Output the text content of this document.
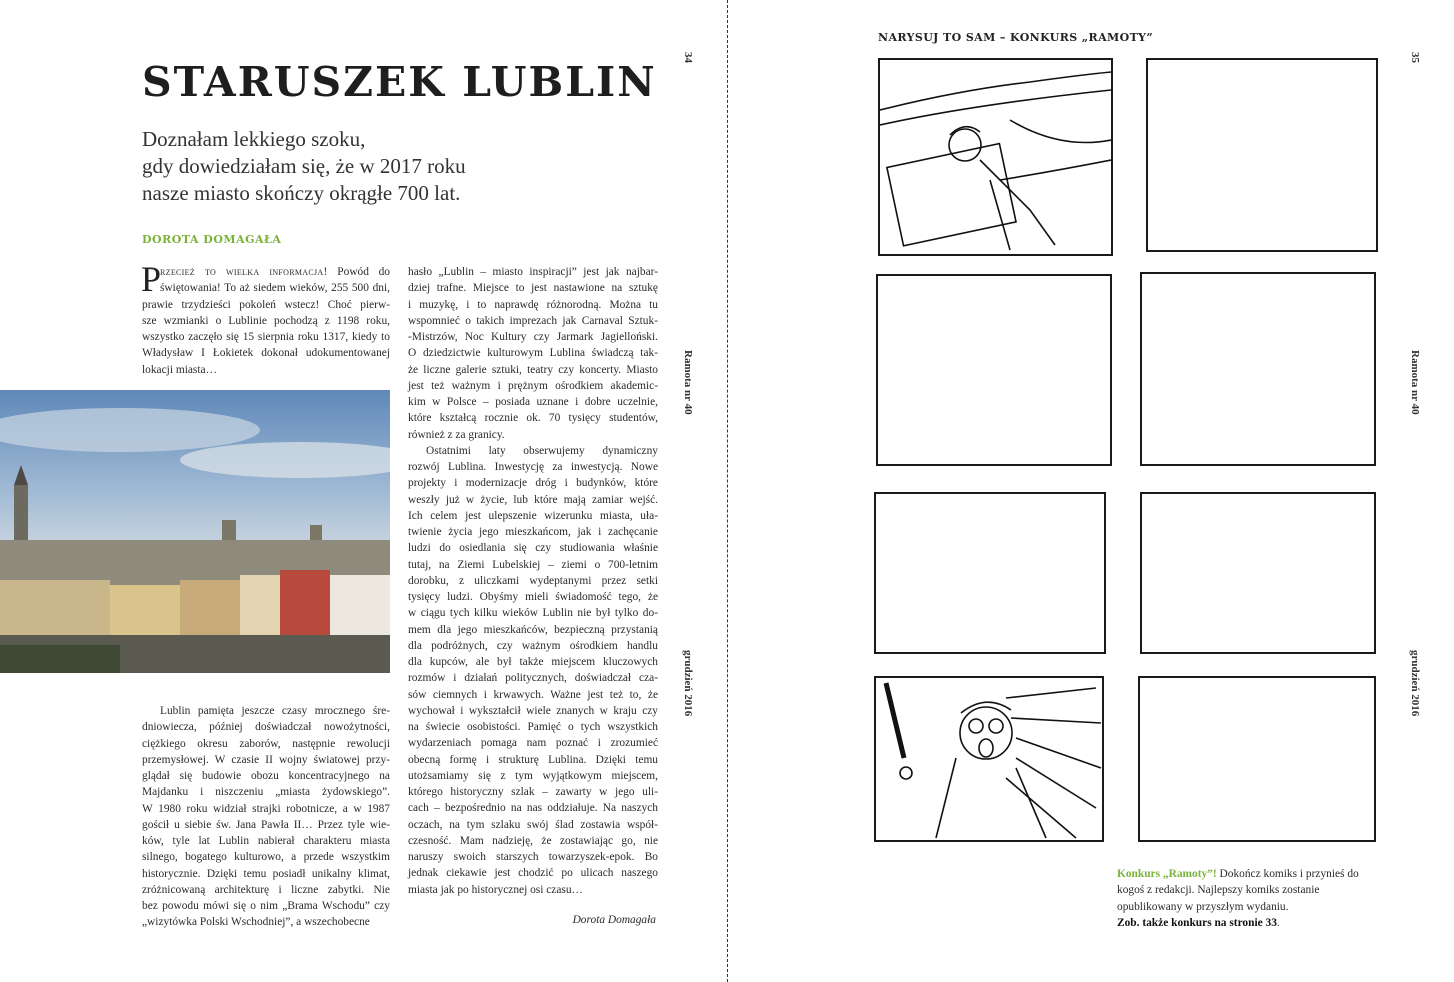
STARUSZEK LUBLIN
Doznałam lekkiego szoku,
gdy dowiedziałam się, że w 2017 roku
nasze miasto skończy okrągłe 700 lat.
DOROTA DOMAGAŁA
P
rzecież to wielka informacja! Powód do
świętowania! To aż siedem wieków, 255 500 dni,
prawie trzydzieści pokoleń wstecz! Choć pierw-
sze wzmianki o Lublinie pochodzą z 1198 roku,
wszystko zaczęło się 15 sierpnia roku 1317, kiedy to
Władysław I Łokietek dokonał udokumentowanej
lokacji miasta…
Lublin pamięta jeszcze czasy mrocznego śre-
dniowiecza, później doświadczał nowożytności,
ciężkiego okresu zaborów, następnie rewolucji
przemysłowej. W czasie II wojny światowej przy-
glądał się budowie obozu koncentracyjnego na
Majdanku i niszczeniu „miasta żydowskiego”.
W 1980 roku widział strajki robotnicze, a w 1987
gościł u siebie św. Jana Pawła II… Przez tyle wie-
ków, tyle lat Lublin nabierał charakteru miasta
silnego, bogatego kulturowo, a przede wszystkim
historycznie. Dzięki temu posiadł unikalny klimat,
zróżnicowaną architekturę i liczne zabytki. Nie
bez powodu mówi się o nim „Brama Wschodu” czy
„wizytówka Polski Wschodniej”, a wszechobecne
hasło „Lublin – miasto inspiracji” jest jak najbar-
dziej trafne. Miejsce to jest nastawione na sztukę
i muzykę, i to naprawdę różnorodną. Można tu
wspomnieć o takich imprezach jak Carnaval Sztuk-
-Mistrzów, Noc Kultury czy Jarmark Jagielloński.
O dziedzictwie kulturowym Lublina świadczą tak-
że liczne galerie sztuki, teatry czy koncerty. Miasto
jest też ważnym i prężnym ośrodkiem akademic-
kim w Polsce – posiada uznane i dobre uczelnie,
które kształcą rocznie ok. 70 tysięcy studentów,
również z za granicy.
Ostatnimi laty obserwujemy dynamiczny
rozwój Lublina. Inwestycję za inwestycją. Nowe
projekty i modernizacje dróg i budynków, które
weszły już w życie, lub które mają zamiar wejść.
Ich celem jest ulepszenie wizerunku miasta, uła-
twienie życia jego mieszkańcom, jak i zachęcanie
ludzi do osiedlania się czy studiowania właśnie
tutaj, na Ziemi Lubelskiej – ziemi o 700-letnim
dorobku, z uliczkami wydeptanymi przez setki
tysięcy ludzi. Obyśmy mieli świadomość tego, że
w ciągu tych kilku wieków Lublin nie był tylko do-
mem dla jego mieszkańców, bezpieczną przystanią
dla podróżnych, czy ważnym ośrodkiem handlu
dla kupców, ale był także miejscem kluczowych
rozmów i działań politycznych, doświadczał cza-
sów ciemnych i krwawych. Ważne jest też to, że
wychował i wykształcił wiele znanych w kraju czy
na świecie osobistości. Pamięć o tych wszystkich
wydarzeniach pomaga nam poznać i zrozumieć
obecną formę i strukturę Lublina. Dzięki temu
utożsamiamy się z tym wyjątkowym miejscem,
którego historyczny szlak – zawarty w jego uli-
cach – bezpośrednio na nas oddziałuje. Na naszych
oczach, na tym szlaku swój ślad zostawia współ-
czesność. Mam nadzieję, że zostawiając go, nie
naruszy swoich starszych towarzyszek-epok. Bo
jednak ciekawie jest chodzić po ulicach naszego
miasta jak po historycznej osi czasu…
Dorota Domagała
34
Ramota nr 40
grudzień 2016
NARYSUJ TO SAM – KONKURS „RAMOTY”
Konkurs „Ramoty”! Dokończ komiks i przynieś do kogoś z redakcji. Najlepszy komiks zostanie opublikowany w przyszłym wydaniu.
Zob. także konkurs na stronie 33.
35
Ramota nr 40
grudzień 2016
